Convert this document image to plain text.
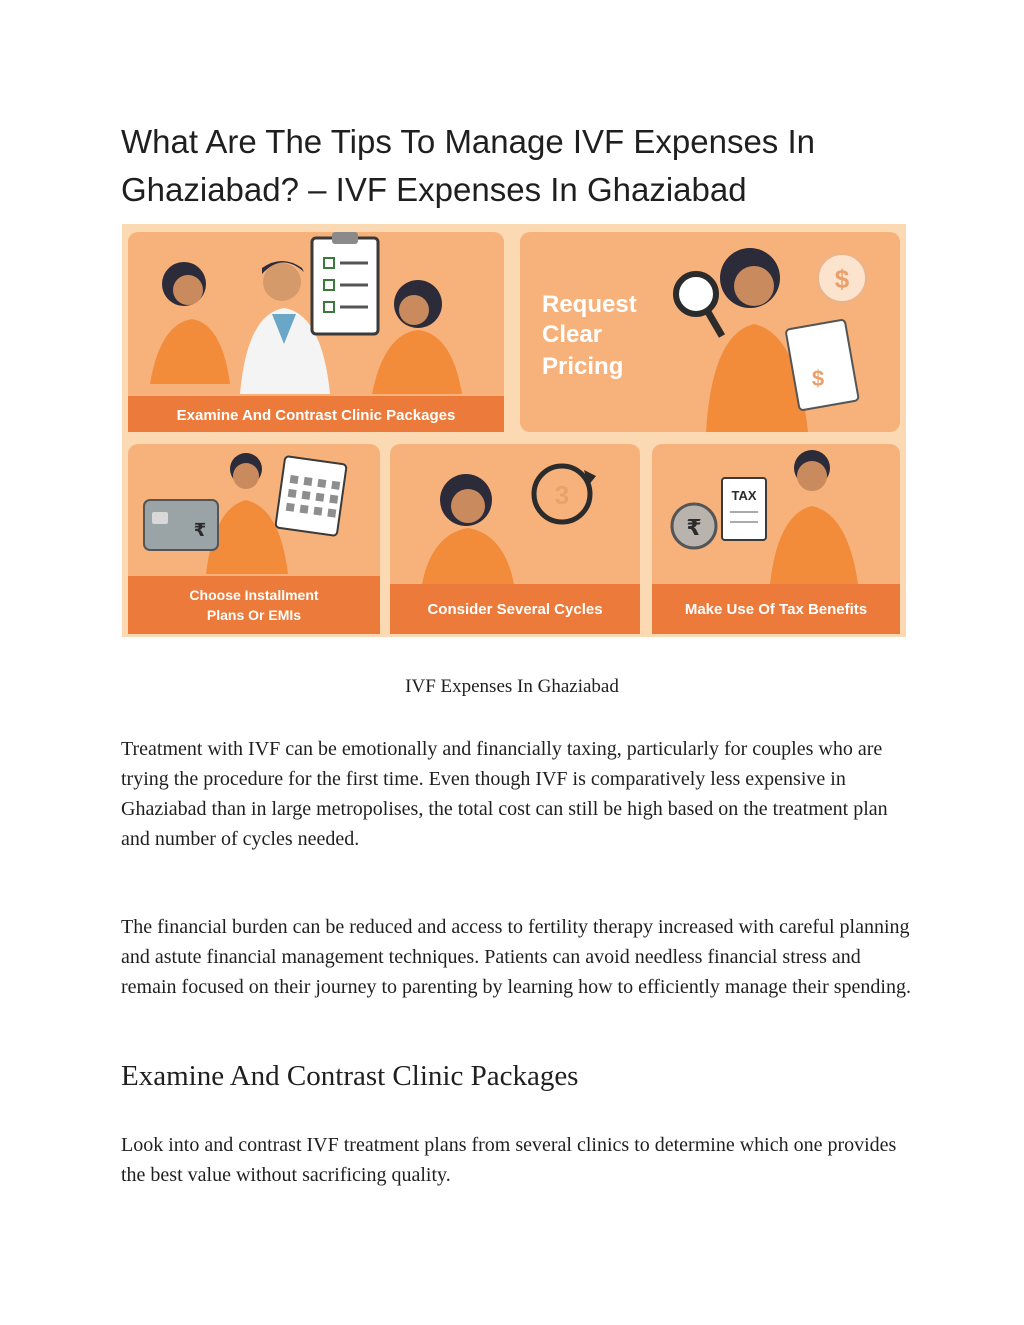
What Are The Tips To Manage IVF Expenses In Ghaziabad? – IVF Expenses In Ghaziabad
Examine And Contrast Clinic Packages
Request
Clear
Pricing
$
$
₹
Choose Installment
Plans Or EMIs
3
Consider Several Cycles
TAX
₹
Make Use Of Tax Benefits
IVF Expenses In Ghaziabad

Treatment with IVF can be emotionally and financially taxing, particularly for couples who are trying the procedure for the first time. Even though IVF is comparatively less expensive in Ghaziabad than in large metropolises, the total cost can still be high based on the treatment plan and number of cycles needed.

The financial burden can be reduced and access to fertility therapy increased with careful planning and astute financial management techniques. Patients can avoid needless financial stress and remain focused on their journey to parenting by learning how to efficiently manage their spending.

Examine And Contrast Clinic Packages

Look into and contrast IVF treatment plans from several clinics to determine which one provides the best value without sacrificing quality.
